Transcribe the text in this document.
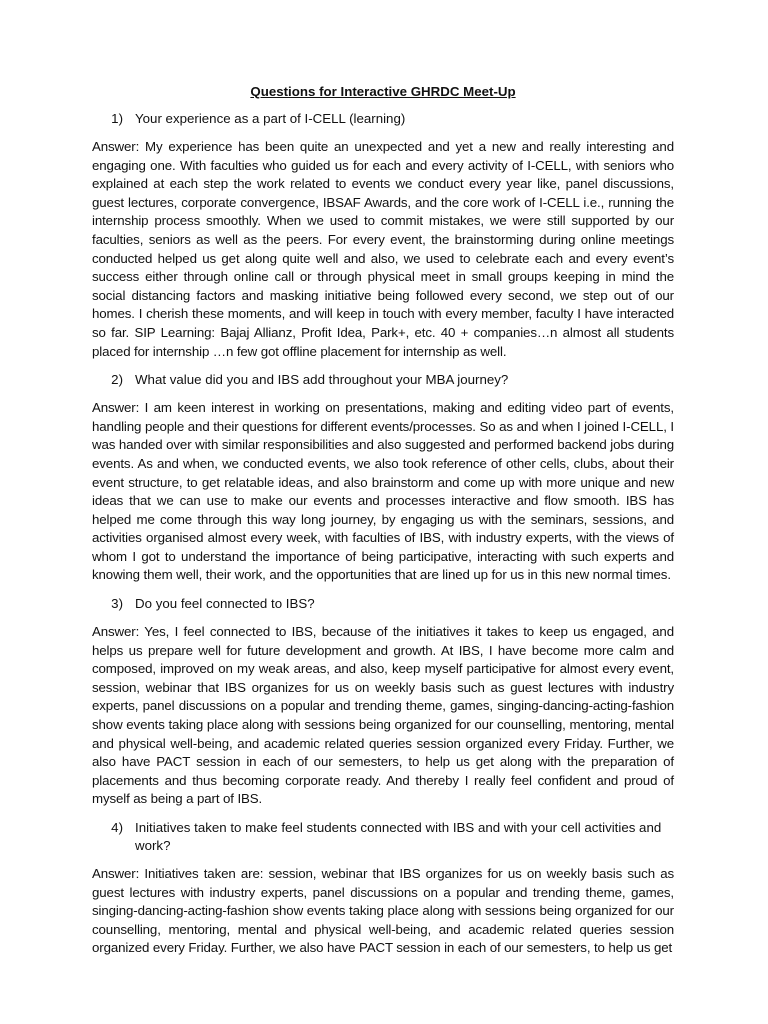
Questions for Interactive GHRDC Meet-Up
1) Your experience as a part of I-CELL (learning)

Answer: My experience has been quite an unexpected and yet a new and really interesting and engaging one. With faculties who guided us for each and every activity of I-CELL, with seniors who explained at each step the work related to events we conduct every year like, panel discussions, guest lectures, corporate convergence, IBSAF Awards, and the core work of I-CELL i.e., running the internship process smoothly. When we used to commit mistakes, we were still supported by our faculties, seniors as well as the peers. For every event, the brainstorming during online meetings conducted helped us get along quite well and also, we used to celebrate each and every event’s success either through online call or through physical meet in small groups keeping in mind the social distancing factors and masking initiative being followed every second, we step out of our homes. I cherish these moments, and will keep in touch with every member, faculty I have interacted so far. SIP Learning: Bajaj Allianz, Profit Idea, Park+, etc. 40 + companies…n almost all students placed for internship …n few got offline placement for internship as well.

2) What value did you and IBS add throughout your MBA journey?

Answer: I am keen interest in working on presentations, making and editing video part of events, handling people and their questions for different events/processes. So as and when I joined I-CELL, I was handed over with similar responsibilities and also suggested and performed backend jobs during events. As and when, we conducted events, we also took reference of other cells, clubs, about their event structure, to get relatable ideas, and also brainstorm and come up with more unique and new ideas that we can use to make our events and processes interactive and flow smooth. IBS has helped me come through this way long journey, by engaging us with the seminars, sessions, and activities organised almost every week, with faculties of IBS, with industry experts, with the views of whom I got to understand the importance of being participative, interacting with such experts and knowing them well, their work, and the opportunities that are lined up for us in this new normal times.

3) Do you feel connected to IBS?

Answer: Yes, I feel connected to IBS, because of the initiatives it takes to keep us engaged, and helps us prepare well for future development and growth. At IBS, I have become more calm and composed, improved on my weak areas, and also, keep myself participative for almost every event, session, webinar that IBS organizes for us on weekly basis such as guest lectures with industry experts, panel discussions on a popular and trending theme, games, singing-dancing-acting-fashion show events taking place along with sessions being organized for our counselling, mentoring, mental and physical well-being, and academic related queries session organized every Friday. Further, we also have PACT session in each of our semesters, to help us get along with the preparation of placements and thus becoming corporate ready. And thereby I really feel confident and proud of myself as being a part of IBS.

4) Initiatives taken to make feel students connected with IBS and with your cell activities and work?

Answer: Initiatives taken are: session, webinar that IBS organizes for us on weekly basis such as guest lectures with industry experts, panel discussions on a popular and trending theme, games, singing-dancing-acting-fashion show events taking place along with sessions being organized for our counselling, mentoring, mental and physical well-being, and academic related queries session organized every Friday. Further, we also have PACT session in each of our semesters, to help us get
